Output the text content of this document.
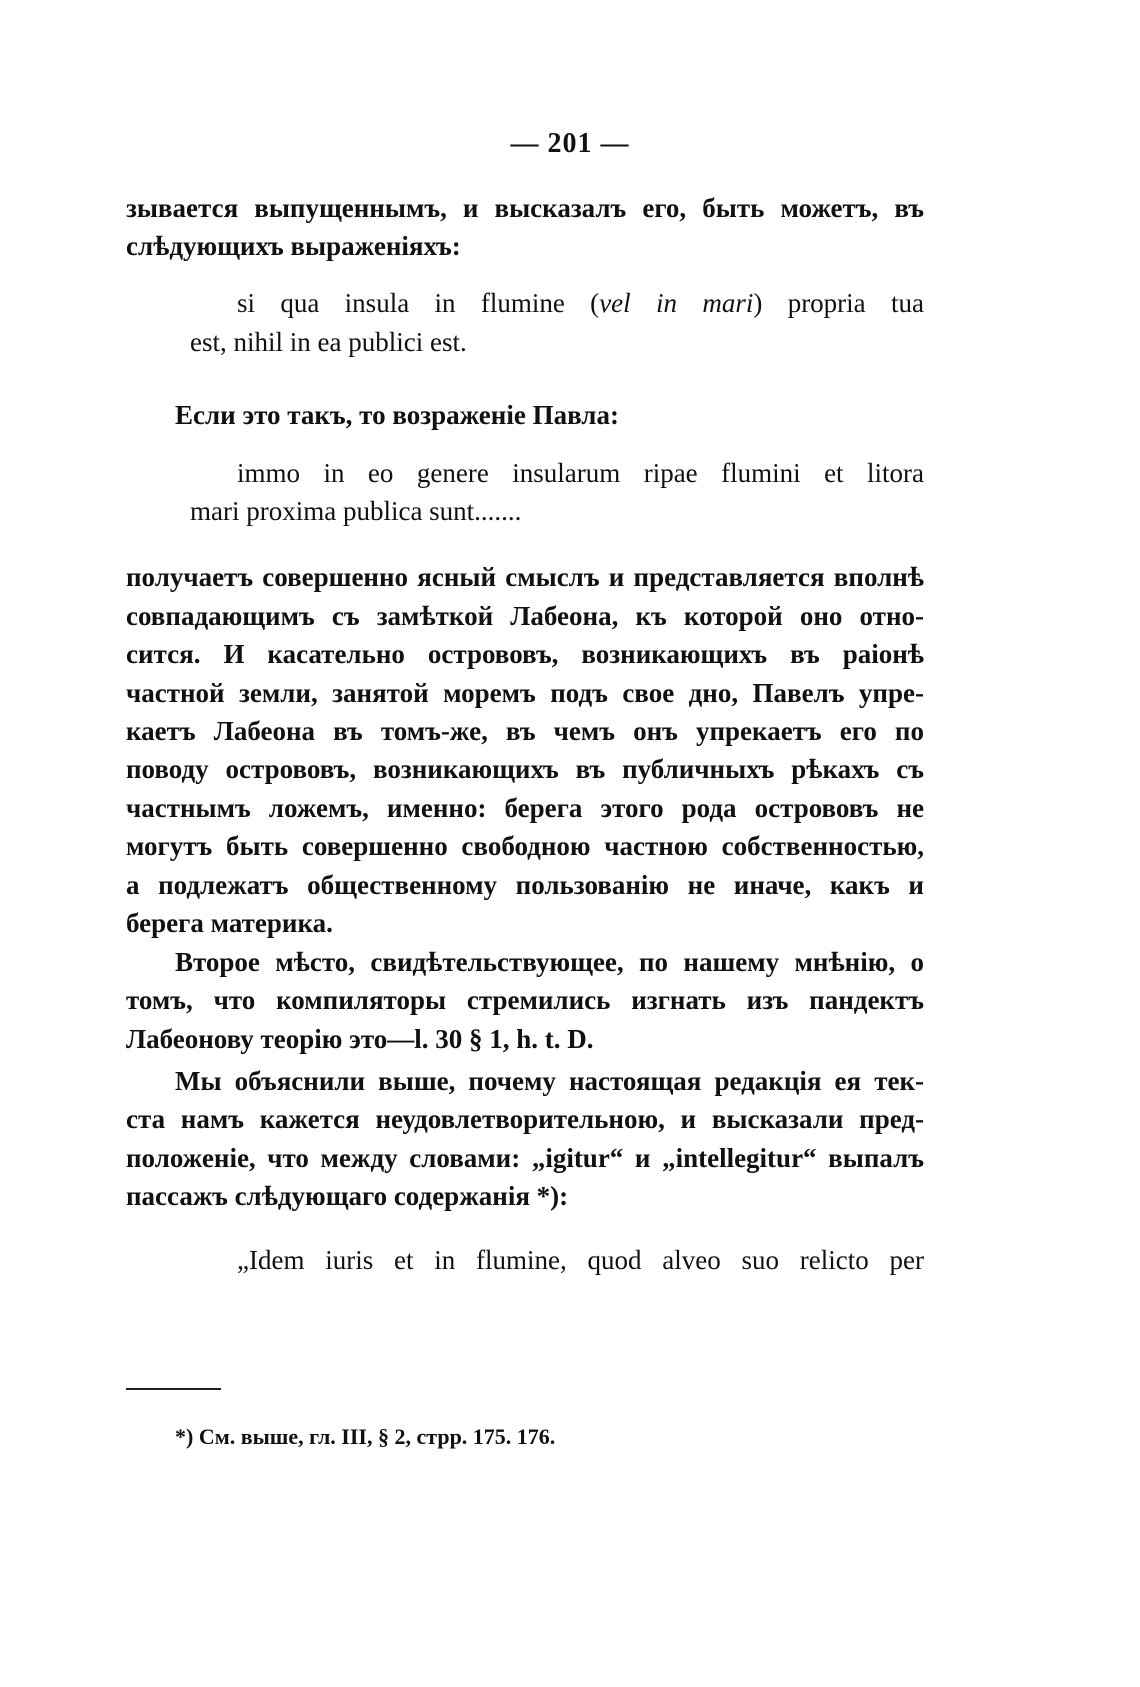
— 201 —
зывается выпущеннымъ, и высказалъ его, быть можетъ, въ
слѣдующихъ выраженіяхъ:
si qua insula in flumine (vel in mari) propria tua
est, nihil in ea publici est.
Если это такъ, то возраженіе Павла:
immo in eo genere insularum ripae flumini et litora
mari proxima publica sunt.......
получаетъ совершенно ясный смыслъ и представляется вполнѣ
совпадающимъ съ замѣткой Лабеона, къ которой оно отно-
сится. И касательно острововъ, возникающихъ въ раіонѣ
частной земли, занятой моремъ подъ свое дно, Павелъ упре-
каетъ Лабеона въ томъ-же, въ чемъ онъ упрекаетъ его по
поводу острововъ, возникающихъ въ публичныхъ рѣкахъ съ
частнымъ ложемъ, именно: берега этого рода острововъ не
могутъ быть совершенно свободною частною собственностью,
а подлежатъ общественному пользованію не иначе, какъ и
берега материка.
Второе мѣсто, свидѣтельствующее, по нашему мнѣнію, о
томъ, что компиляторы стремились изгнать изъ пандектъ
Лабеонову теорію это—l. 30 § 1, h. t. D.
Мы объяснили выше, почему настоящая редакція ея тек-
ста намъ кажется неудовлетворительною, и высказали пред-
положеніе, что между словами: „igitur“ и „intellegitur“ выпалъ
пассажъ слѣдующаго содержанія *):
„Idem iuris et in flumine, quod alveo suo relicto per
*) См. выше, гл. III, § 2, стрр. 175. 176.
